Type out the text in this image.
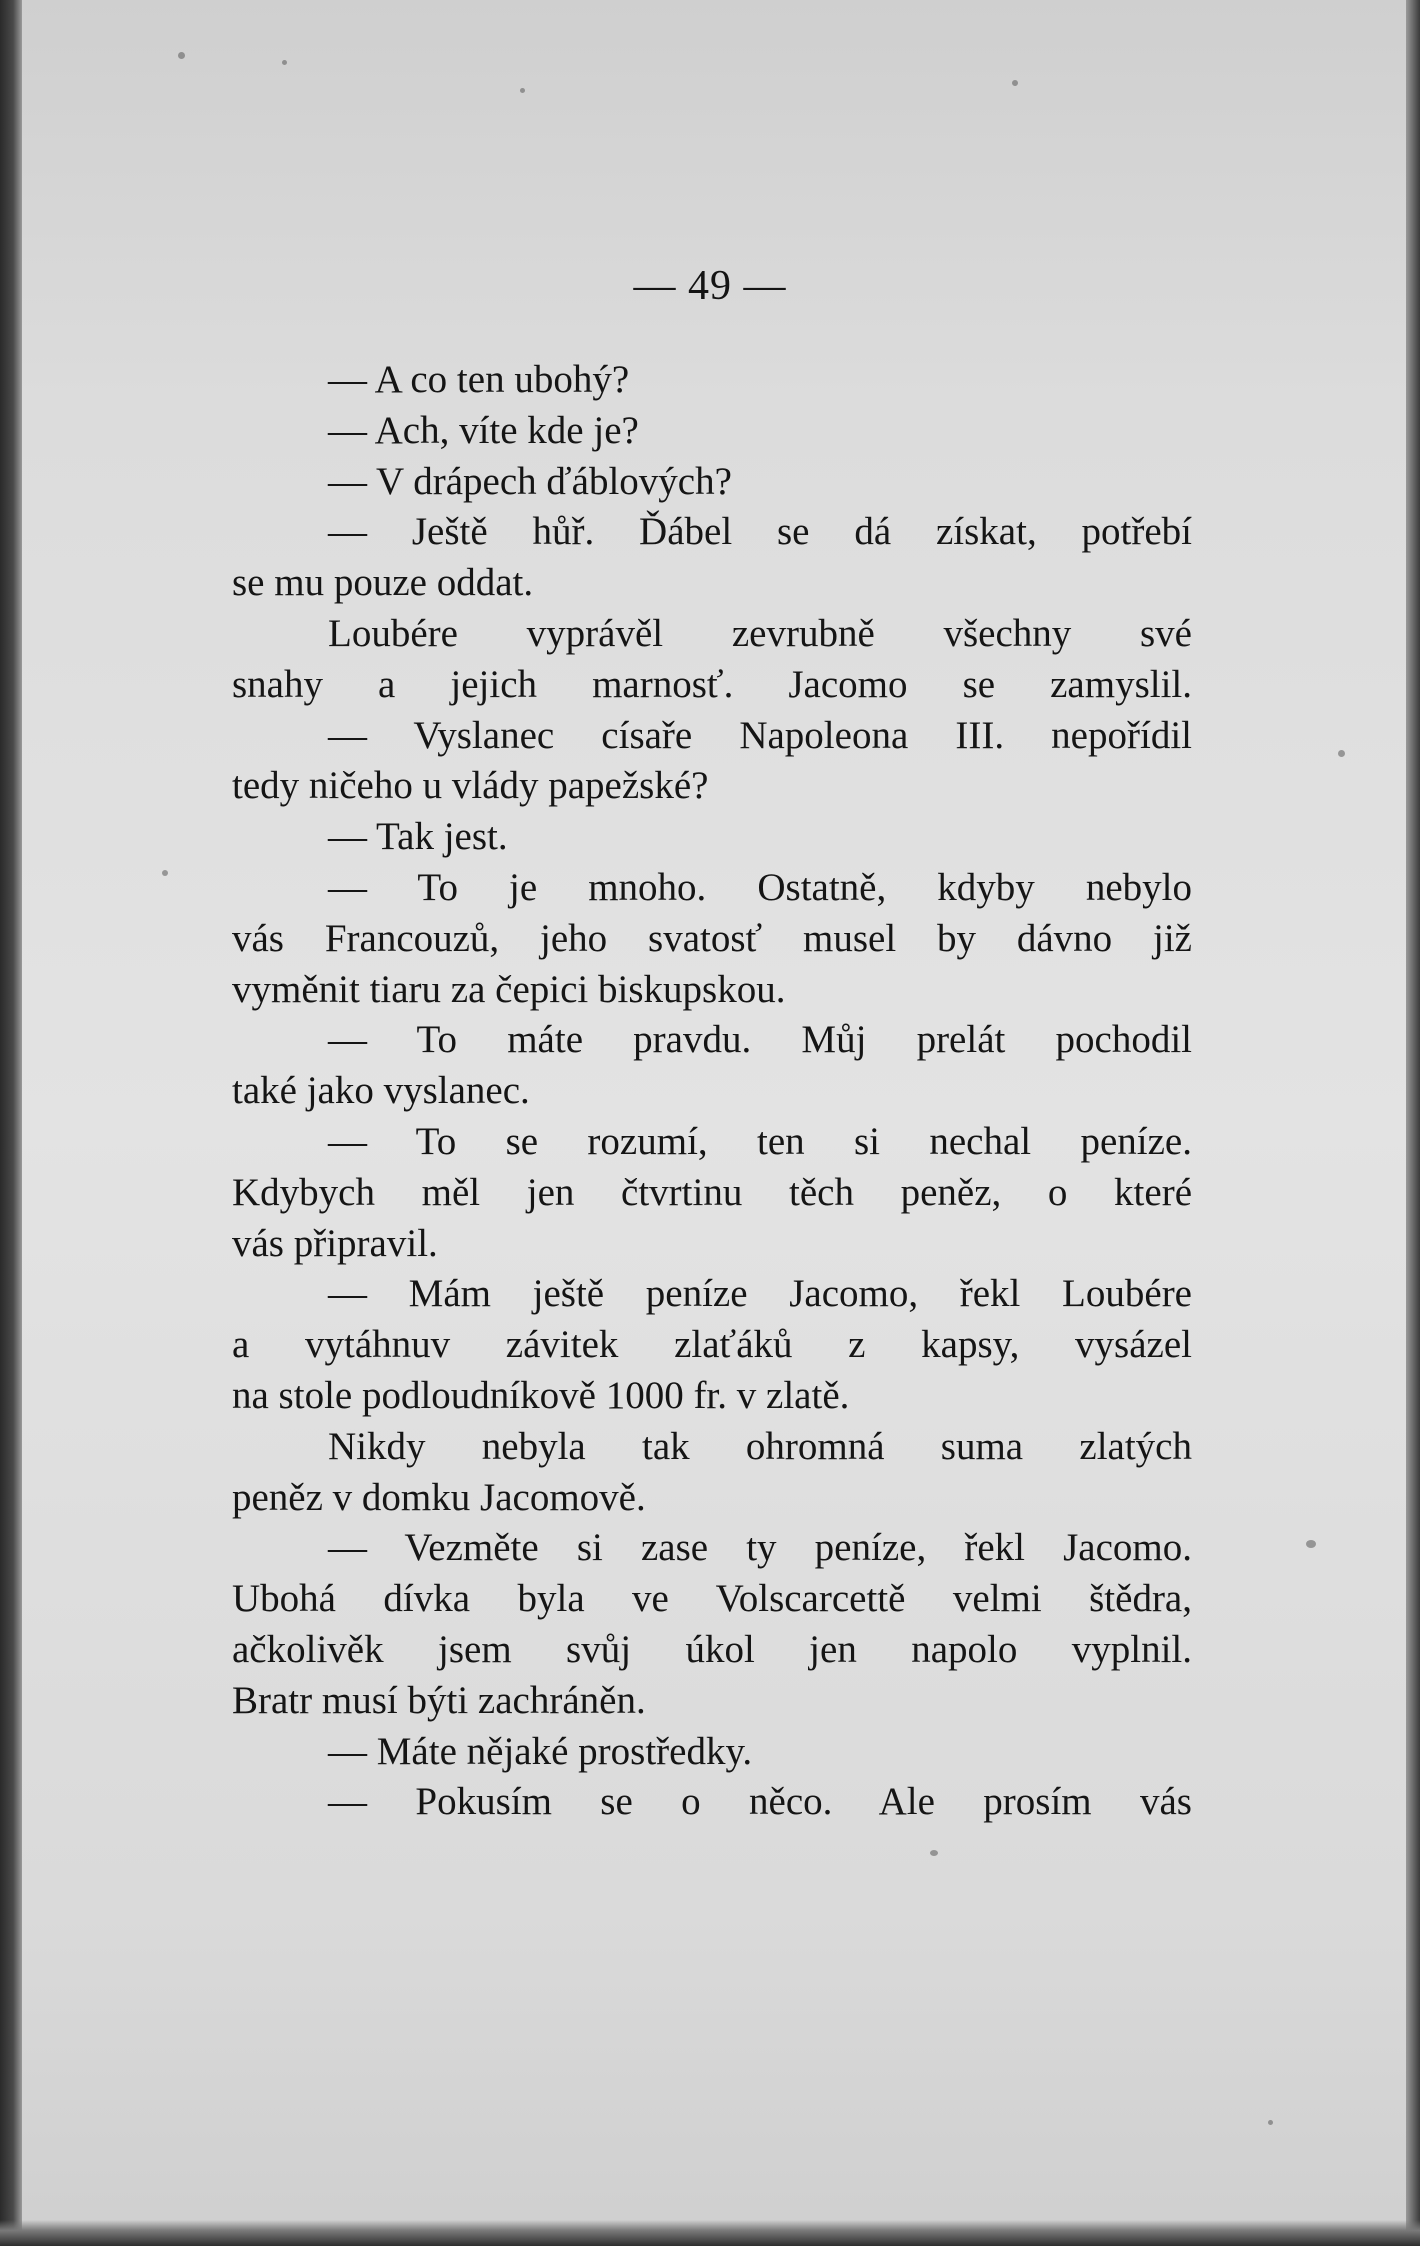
— 49 —
— A co ten ubohý?
— Ach, víte kde je?
— V drápech ďáblových?
— Ještě hůř. Ďábel se dá získat, potřebí
se mu pouze oddat.
Loubére vyprávěl zevrubně všechny své
snahy a jejich marnosť. Jacomo se zamyslil.
— Vyslanec císaře Napoleona III. nepořídil
tedy ničeho u vlády papežské?
— Tak jest.
— To je mnoho. Ostatně, kdyby nebylo
vás Francouzů, jeho svatosť musel by dávno již
vyměnit tiaru za čepici biskupskou.
— To máte pravdu. Můj prelát pochodil
také jako vyslanec.
— To se rozumí, ten si nechal peníze.
Kdybych měl jen čtvrtinu těch peněz, o které
vás připravil.
— Mám ještě peníze Jacomo, řekl Loubére
a vytáhnuv závitek zlaťáků z kapsy, vysázel
na stole podloudníkově 1000 fr. v zlatě.
Nikdy nebyla tak ohromná suma zlatých
peněz v domku Jacomově.
— Vezměte si zase ty peníze, řekl Jacomo.
Ubohá dívka byla ve Volscarcettě velmi štědra,
ačkolivěk jsem svůj úkol jen napolo vyplnil.
Bratr musí býti zachráněn.
— Máte nějaké prostředky.
— Pokusím se o něco. Ale prosím vás
